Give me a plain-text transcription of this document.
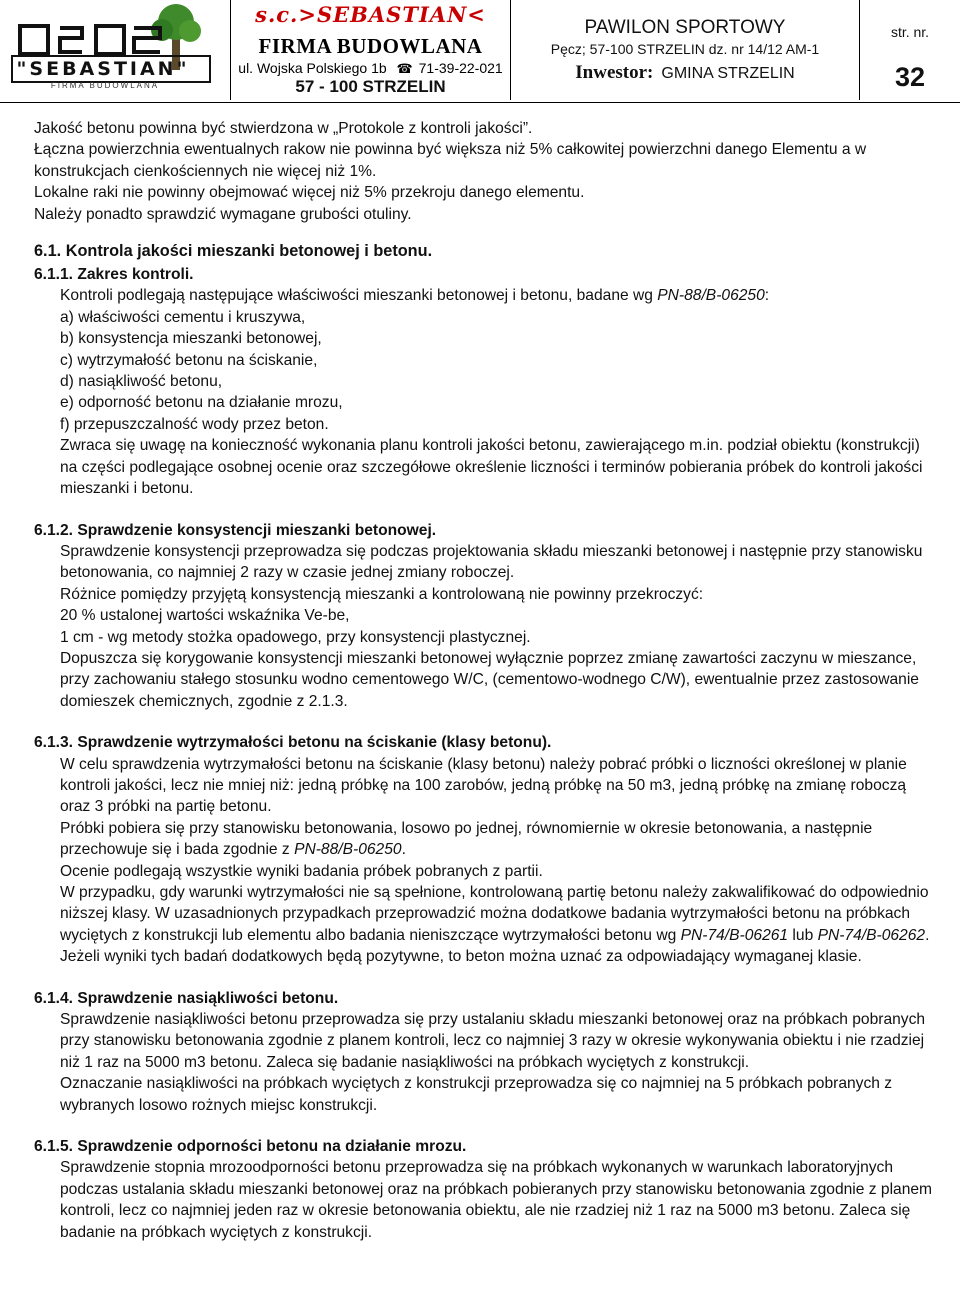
"SEBASTIAN"
FIRMA BUDOWLANA
s.c.>SEBASTIAN<
FIRMA BUDOWLANA
ul. Wojska Polskiego 1b ☎ 71-39-22-021
57 - 100 STRZELIN
PAWILON SPORTOWY
Pęcz; 57-100 STRZELIN dz. nr 14/12 AM-1
Inwestor: GMINA STRZELIN
str. nr.
32

Jakość betonu powinna być stwierdzona w „Protokole z kontroli jakości”.

Łączna powierzchnia ewentualnych rakow nie powinna być większa niż 5% całkowitej powierzchni danego Elementu a w konstrukcjach cienkościennych nie więcej niż 1%.

Lokalne raki nie powinny obejmować więcej niż 5% przekroju danego elementu.

Należy ponadto sprawdzić wymagane grubości otuliny.

6.1. Kontrola jakości mieszanki betonowej i betonu.
6.1.1. Zakres kontroli.

Kontroli podlegają następujące właściwości mieszanki betonowej i betonu, badane wg PN-88/B-06250:

a) właściwości cementu i kruszywa,

b) konsystencja mieszanki betonowej,

c) wytrzymałość betonu na ściskanie,

d) nasiąkliwość betonu,

e) odporność betonu na działanie mrozu,

f) przepuszczalność wody przez beton.

Zwraca się uwagę na konieczność wykonania planu kontroli jakości betonu, zawierającego m.in. podział obiektu (konstrukcji) na części podlegające osobnej ocenie oraz szczegółowe określenie liczności i terminów pobierania próbek do kontroli jakości mieszanki i betonu.

6.1.2. Sprawdzenie konsystencji mieszanki betonowej.

Sprawdzenie konsystencji przeprowadza się podczas projektowania składu mieszanki betonowej i następnie przy stanowisku betonowania, co najmniej 2 razy w czasie jednej zmiany roboczej.

Różnice pomiędzy przyjętą konsystencją mieszanki a kontrolowaną nie powinny przekroczyć:

20 % ustalonej wartości wskaźnika Ve-be,

1 cm - wg metody stożka opadowego, przy konsystencji plastycznej.

Dopuszcza się korygowanie konsystencji mieszanki betonowej wyłącznie poprzez zmianę zawartości zaczynu w mieszance, przy zachowaniu stałego stosunku wodno cementowego W/C, (cementowo-wodnego C/W), ewentualnie przez zastosowanie domieszek chemicznych, zgodnie z 2.1.3.

6.1.3. Sprawdzenie wytrzymałości betonu na ściskanie (klasy betonu).

W celu sprawdzenia wytrzymałości betonu na ściskanie (klasy betonu) należy pobrać próbki o liczności określonej w planie kontroli jakości, lecz nie mniej niż: jedną próbkę na 100 zarobów, jedną próbkę na 50 m3, jedną próbkę na zmianę roboczą oraz 3 próbki na partię betonu.

Próbki pobiera się przy stanowisku betonowania, losowo po jednej, równomiernie w okresie betonowania, a następnie przechowuje się i bada zgodnie z PN-88/B-06250.

Ocenie podlegają wszystkie wyniki badania próbek pobranych z partii.

W przypadku, gdy warunki wytrzymałości nie są spełnione, kontrolowaną partię betonu należy zakwalifikować do odpowiednio niższej klasy. W uzasadnionych przypadkach przeprowadzić można dodatkowe badania wytrzymałości betonu na próbkach wyciętych z konstrukcji lub elementu albo badania nieniszczące wytrzymałości betonu wg PN-74/B-06261 lub PN-74/B-06262. Jeżeli wyniki tych badań dodatkowych będą pozytywne, to beton można uznać za odpowiadający wymaganej klasie.

6.1.4. Sprawdzenie nasiąkliwości betonu.

Sprawdzenie nasiąkliwości betonu przeprowadza się przy ustalaniu składu mieszanki betonowej oraz na próbkach pobranych przy stanowisku betonowania zgodnie z planem kontroli, lecz co najmniej 3 razy w okresie wykonywania obiektu i nie rzadziej niż 1 raz na 5000 m3 betonu. Zaleca się badanie nasiąkliwości na próbkach wyciętych z konstrukcji.

Oznaczanie nasiąkliwości na próbkach wyciętych z konstrukcji przeprowadza się co najmniej na 5 próbkach pobranych z wybranych losowo rożnych miejsc konstrukcji.

6.1.5. Sprawdzenie odporności betonu na działanie mrozu.

Sprawdzenie stopnia mrozoodporności betonu przeprowadza się na próbkach wykonanych w warunkach laboratoryjnych podczas ustalania składu mieszanki betonowej oraz na próbkach pobieranych przy stanowisku betonowania zgodnie z planem kontroli, lecz co najmniej jeden raz w okresie betonowania obiektu, ale nie rzadziej niż 1 raz na 5000 m3 betonu. Zaleca się badanie na próbkach wyciętych z konstrukcji.
